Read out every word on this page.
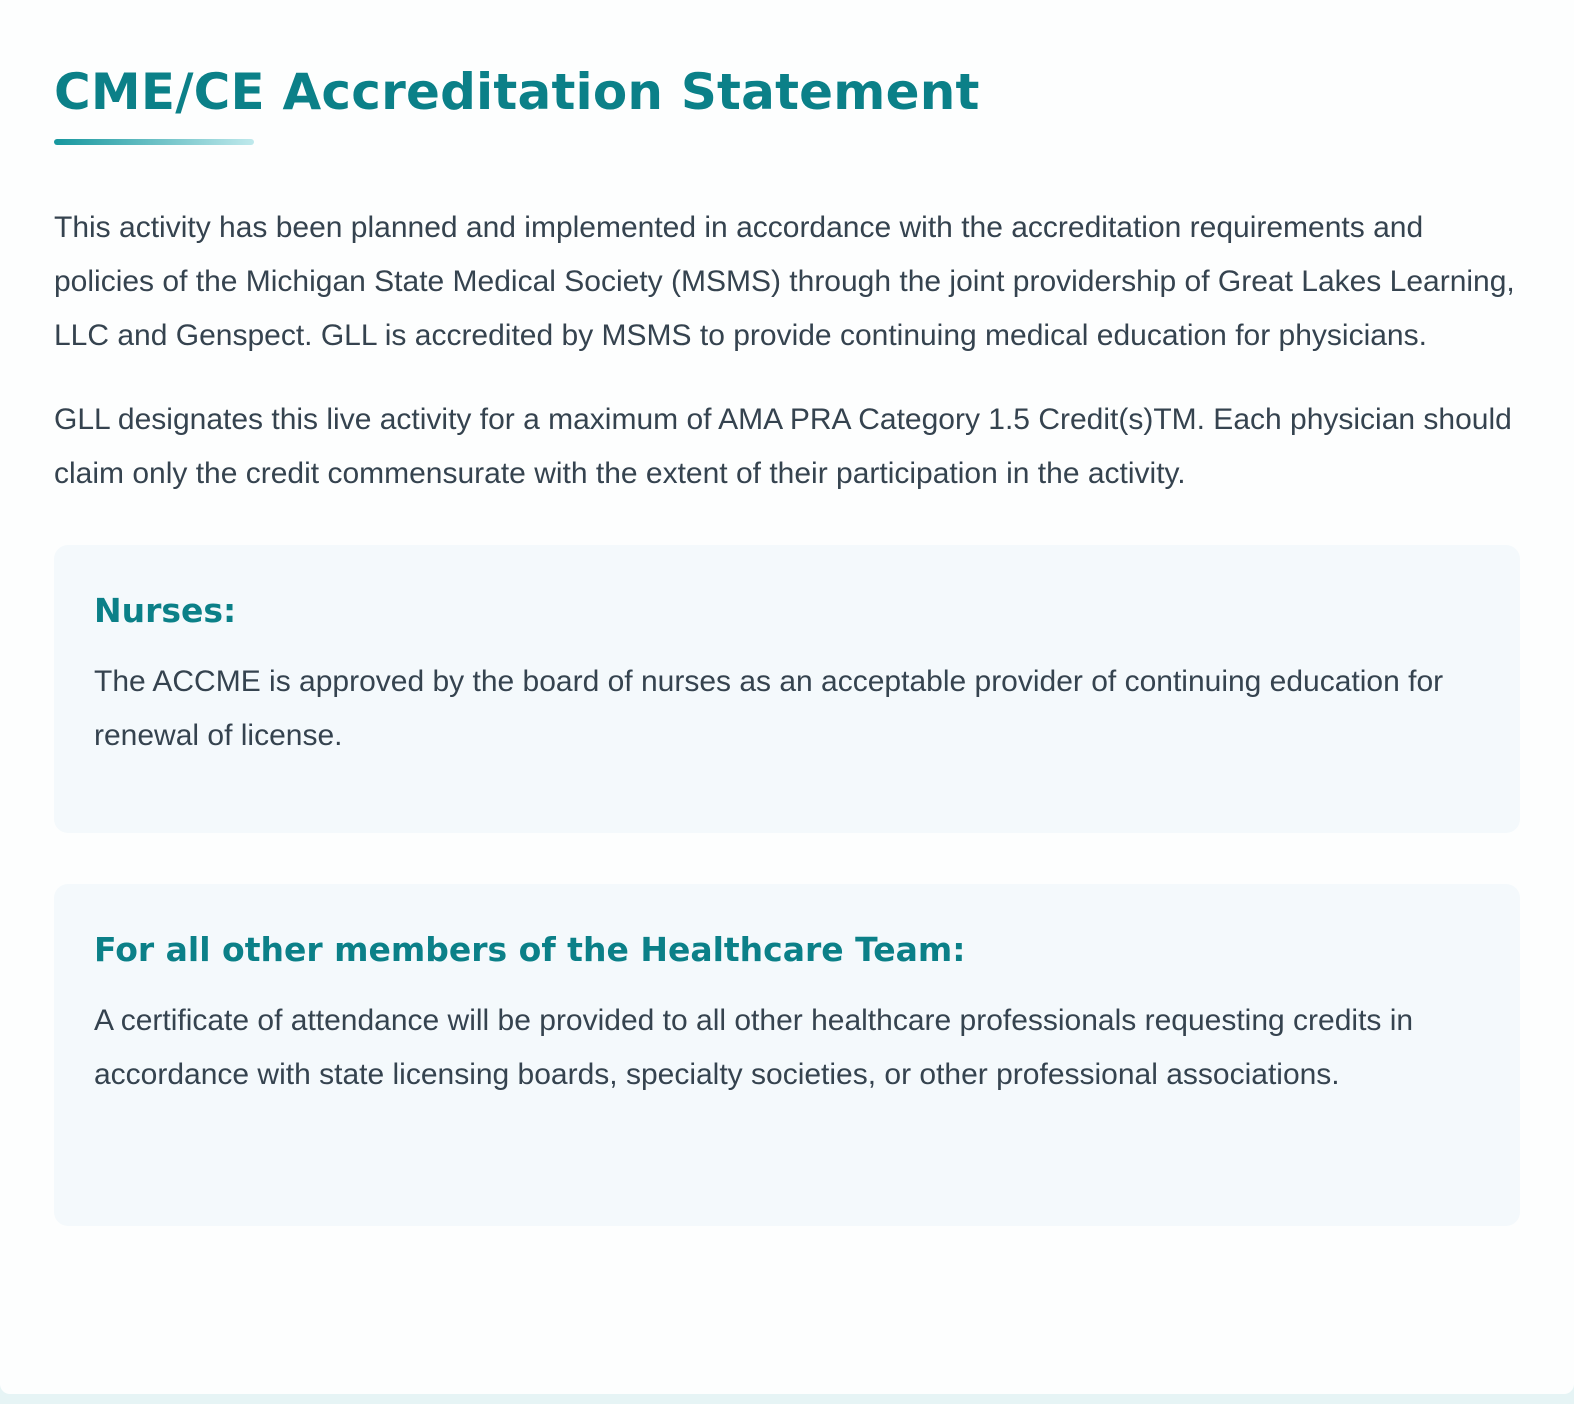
CME/CE Accreditation Statement

This activity has been planned and implemented in accordance with the accreditation requirements and policies of the Michigan State Medical Society (MSMS) through the joint providership of Great Lakes Learning, LLC and Genspect. GLL is accredited by MSMS to provide continuing medical education for physicians.

GLL designates this live activity for a maximum of AMA PRA Category 1.5 Credit(s)TM. Each physician should claim only the credit commensurate with the extent of their participation in the activity.

Nurses:

The ACCME is approved by the board of nurses as an acceptable provider of continuing education for renewal of license.

For all other members of the Healthcare Team:

A certificate of attendance will be provided to all other healthcare professionals requesting credits in accordance with state licensing boards, specialty societies, or other professional associations.
